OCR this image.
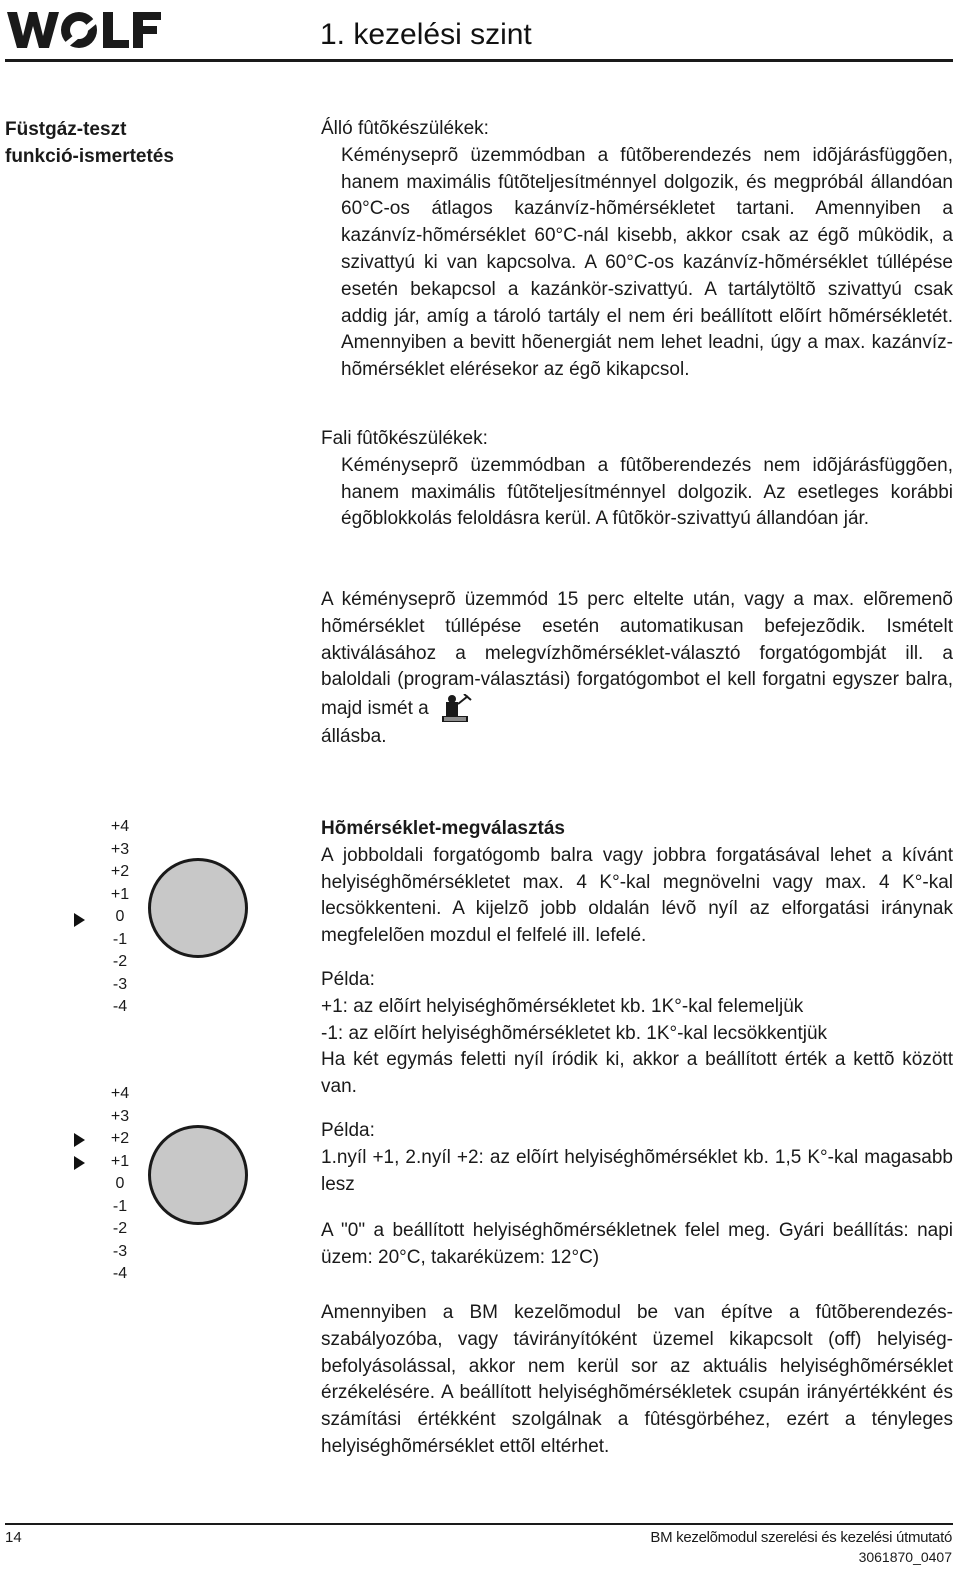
1. kezelési szint
Füstgáz-teszt
funkció-ismertetés

Álló fûtõkészülékek:

Kéményseprõ üzemmódban a fûtõberendezés nem idõjárásfüggõen, hanem maximális fûtõteljesítménnyel dolgozik, és megpróbál állandóan 60°C-os átlagos kazánvíz-hõmérsékletet tartani. Amennyiben a kazánvíz-hõmérséklet 60°C-nál kisebb, akkor csak az égõ mûködik, a szivattyú ki van kapcsolva. A 60°C-os kazánvíz-hõmérséklet túllépése esetén bekapcsol a kazánkör-szivattyú. A tartálytöltõ szivattyú csak addig jár, amíg a tároló tartály el nem éri beállított elõírt hõmérsékletét. Amennyiben a bevitt hõenergiát nem lehet leadni, úgy a max. kazánvíz-hõmérséklet elérésekor az égõ kikapcsol.

Fali fûtõkészülékek:

Kéményseprõ üzemmódban a fûtõberendezés nem idõjárásfüggõen, hanem maximális fûtõteljesítménnyel dolgozik. Az esetleges korábbi égõblokkolás feloldásra kerül. A fûtõkör-szivattyú állandóan jár.

A kéményseprõ üzemmód 15 perc eltelte után, vagy a max. elõremenõ hõmérséklet túllépése esetén automatikusan befejezõdik. Ismételt aktiválásához a melegvízhõmérséklet-választó forgatógombját ill. a baloldali (program-választási) forgatógombot el kell forgatni egyszer balra, majd ismét a
állásba.

+4
+3
+2
+1
0
-1
-2
-3
-4
+4
+3
+2
+1
0
-1
-2
-3
-4

Hõmérséklet-megválasztás

A jobboldali forgatógomb balra vagy jobbra forgatásával lehet a kívánt helyiséghõmérsékletet max. 4 K°-kal megnövelni vagy max. 4 K°-kal lecsökkenteni. A kijelzõ jobb oldalán lévõ nyíl az elforgatási iránynak megfelelõen mozdul el felfelé ill. lefelé.

Példa:

+1: az elõírt helyiséghõmérsékletet kb. 1K°-kal felemeljük

-1: az elõírt helyiséghõmérsékletet kb. 1K°-kal lecsökkentjük

Ha két egymás feletti nyíl íródik ki, akkor a beállított érték a kettõ között van.

Példa:

1.nyíl +1, 2.nyíl +2: az elõírt helyiséghõmérséklet kb. 1,5 K°-kal magasabb lesz

A "0" a beállított helyiséghõmérsékletnek felel meg. Gyári beállítás: napi üzem: 20°C, takaréküzem: 12°C)

Amennyiben a BM kezelõmodul be van építve a fûtõberendezés-szabályozóba, vagy távirányítóként üzemel kikapcsolt (off) helyiség-befolyásolással, akkor nem kerül sor az aktuális helyiséghõmérséklet érzékelésére. A beállított helyiséghõmérsékletek csupán irányértékként és számítási értékként szolgálnak a fûtésgörbéhez, ezért a tényleges helyiséghõmérséklet ettõl eltérhet.

14	BM kezelõmodul szerelési és kezelési útmutató
3061870_0407
